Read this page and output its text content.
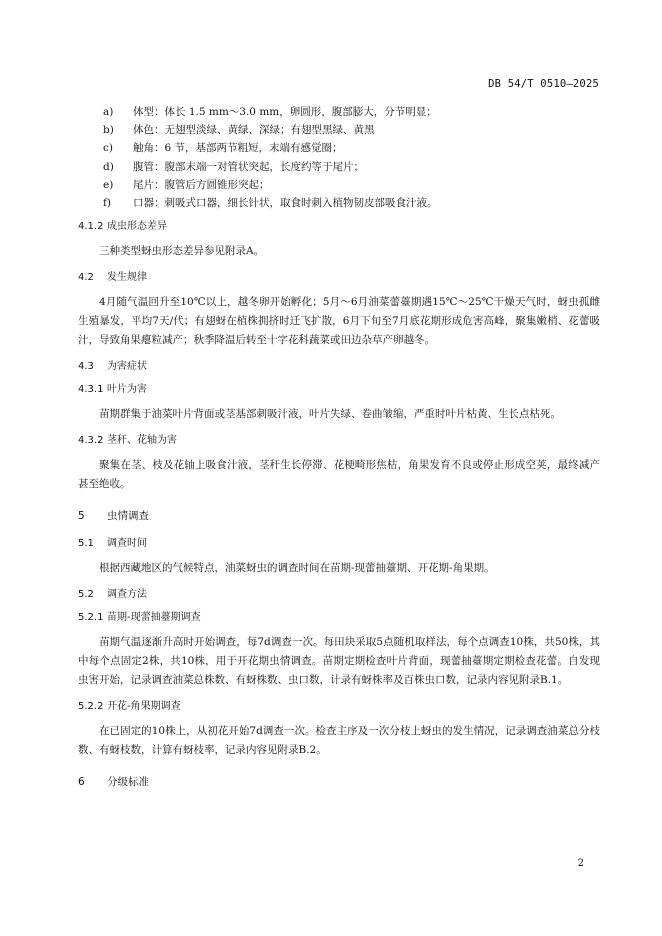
DB 54/T 0510—2025
a)	体型：体长 1.5 mm～3.0 mm，卵圆形，腹部膨大，分节明显；
b)	体色：无翅型淡绿、黄绿、深绿；有翅型黑绿、黄黑
c)	触角：6 节，基部两节粗短，末端有感觉圈；
d)	腹管：腹部末端一对管状突起，长度约等于尾片；
e)	尾片：腹管后方圆锥形突起；
f)	口器：刺吸式口器，细长针状，取食时刺入植物韧皮部吸食汁液。
4.1.2 成虫形态差异

三种类型蚜虫形态差异参见附录A。

4.2 发生规律

4月随气温回升至10℃以上，越冬卵开始孵化；5月～6月油菜蕾薹期遇15℃～25℃干燥天气时，蚜虫孤雌生殖暴发，平均7天/代；有翅蚜在植株拥挤时迁飞扩散，6月下旬至7月底花期形成危害高峰，聚集嫩梢、花蕾吸汁，导致角果瘪粒减产；秋季降温后转至十字花科蔬菜或田边杂草产卵越冬。

4.3 为害症状
4.3.1 叶片为害

苗期群集于油菜叶片背面或茎基部刺吸汁液，叶片失绿、卷曲皱缩，严重时叶片枯黄、生长点枯死。

4.3.2 茎秆、花轴为害

聚集在茎、枝及花轴上吸食汁液，茎秆生长停滞、花梗畸形焦枯，角果发育不良或停止形成空荚，最终减产甚至绝收。

5 虫情调查
5.1 调查时间

根据西藏地区的气候特点，油菜蚜虫的调查时间在苗期-现蕾抽薹期、开花期-角果期。

5.2 调查方法
5.2.1 苗期-现蕾抽薹期调查

苗期气温逐渐升高时开始调查，每7d调查一次。每田块采取5点随机取样法，每个点调查10株，共50株，其中每个点固定2株，共10株，用于开花期虫情调查。苗期定期检查叶片背面，现蕾抽薹期定期检查花蕾。自发现虫害开始，记录调查油菜总株数、有蚜株数、虫口数，计录有蚜株率及百株虫口数，记录内容见附录B.1。

5.2.2 开花-角果期调查

在已固定的10株上，从初花开始7d调查一次。检查主序及一次分枝上蚜虫的发生情况，记录调查油菜总分枝数、有蚜枝数，计算有蚜枝率，记录内容见附录B.2。

6 分级标准
2
